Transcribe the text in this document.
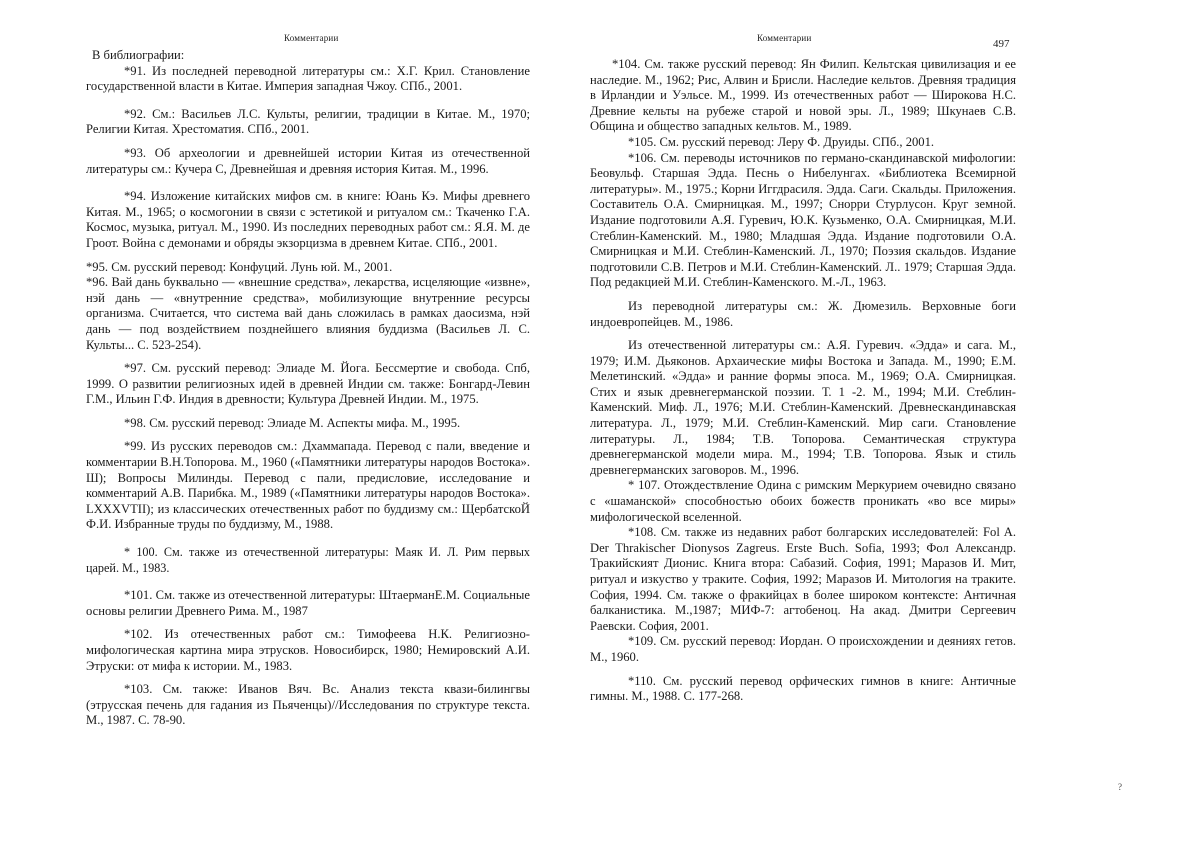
Комментарии

В библиографии:

*91. Из последней переводной литературы см.: Х.Г. Крил. Становление государственной власти в Китае. Империя западная Чжоу. СПб., 2001.

*92. См.: Васильев Л.С. Культы, религии, традиции в Китае. М., 1970; Религии Китая. Хрестоматия. СПб., 2001.

*93. Об археологии и древнейшей истории Китая из отечественной литературы см.: Кучера С, Древнейшая и древняя история Китая. М., 1996.

*94. Изложение китайских мифов см. в книге: Юань Кэ. Мифы древнего Китая. М., 1965; о космогонии в связи с эстетикой и ритуалом см.: Ткаченко Г.А. Космос, музыка, ритуал. М., 1990. Из последних переводных работ см.: Я.Я. М. де Гроот. Война с демонами и обряды экзорцизма в древнем Китае. СПб., 2001.

*95. См. русский перевод: Конфуций. Лунь юй. М., 2001.

*96. Вай дань буквально — «внешние средства», лекарства, исцеляющие «извне», нэй дань — «внутренние средства», мобилизующие внутренние ресурсы организма. Считается, что система вай дань сложилась в рамках даосизма, нэй дань — под воздействием позднейшего влияния буддизма (Васильев Л. С. Культы... С. 523-254).

*97. См. русский перевод: Элиаде М. Йога. Бессмертие и свобода. Спб, 1999. О развитии религиозных идей в древней Индии см. также: Бонгард-Левин Г.М., Ильин Г.Ф. Индия в древности; Культура Древней Индии. М., 1975.

*98. См. русский перевод: Элиаде М. Аспекты мифа. М., 1995.

*99. Из русских переводов см.: Дхаммапада. Перевод с пали, введение и комментарии В.Н.Топорова. М., 1960 («Памятники литературы народов Востока». Ш); Вопросы Милинды. Перевод с пали, предисловие, исследование и комментарий А.В. Парибка. М., 1989 («Памятники литературы народов Востока». LXXXVTII); из классических отечественных работ по буддизму см.: ЩербатскоЙ Ф.И. Избранные труды по буддизму, М., 1988.

* 100. См. также из отечественной литературы: Маяк И. Л. Рим первых царей. М., 1983.

*101. См. также из отечественной литературы: ШтаерманЕ.М. Социальные основы религии Древнего Рима. М., 1987

*102. Из отечественных работ см.: Тимофеева Н.К. Религиозно-мифологическая картина мира этрусков. Новосибирск, 1980; Немировский А.И. Этруски: от мифа к истории. М., 1983.

*103. См. также: Иванов Вяч. Вс. Анализ текста квази-билингвы (этрусская печень для гадания из Пьяченцы)//Исследования по структуре текста. М., 1987. С. 78-90.

Комментарии	497

*104. См. также русский перевод: Ян Филип. Кельтская цивилизация и ее наследие. М., 1962; Рис, Алвин и Брисли. Наследие кельтов. Древняя традиция в Ирландии и Уэльсе. М., 1999. Из отечественных работ — Широкова Н.С. Древние кельты на рубеже старой и новой эры. Л., 1989; Шкунаев С.В. Община и общество западных кельтов. М., 1989.

*105. См. русский перевод: Леру Ф. Друиды. СПб., 2001.

*106. См. переводы источников по германо-скандинавской мифологии: Беовульф. Старшая Эдда. Песнь о Нибелунгах. «Библиотека Всемирной литературы». М., 1975.; Корни Иггдрасиля. Эдда. Саги. Скальды. Приложения. Составитель О.А. Смирницкая. М., 1997; Снорри Стурлусон. Круг земной. Издание подготовили А.Я. Гуревич, Ю.К. Кузьменко, О.А. Смирницкая, М.И. Стеблин-Каменский. М., 1980; Младшая Эдда. Издание подготовили О.А. Смирницкая и М.И. Стеблин-Каменский. Л., 1970; Поэзия скальдов. Издание подготовили С.В. Петров и М.И. Стеблин-Каменский. Л.. 1979; Старшая Эдда. Под редакцией М.И. Стеблин-Каменского. М.-Л., 1963.

Из переводной литературы см.: Ж. Дюмезиль. Верховные боги индоевропейцев. М., 1986.

Из отечественной литературы см.: А.Я. Гуревич. «Эдда» и сага. М., 1979; И.М. Дьяконов. Архаические мифы Востока и Запада. М., 1990; Е.М. Мелетинский. «Эдда» и ранние формы эпоса. М., 1969; О.А. Смирницкая. Стих и язык древнегерманской поэзии. Т. 1 -2. М., 1994; М.И. Стеблин-Каменский. Миф. Л., 1976; М.И. Стеблин-Каменский. Древнескандинавская литература. Л., 1979; М.И. Стеблин-Каменский. Мир саги. Становление литературы. Л., 1984; Т.В. Топорова. Семантическая структура древнегерманской модели мира. М., 1994; Т.В. Топорова. Язык и стиль древнегерманских заговоров. М., 1996.

* 107. Отождествление Одина с римским Меркурием очевидно связано с «шаманской» способностью обоих божеств проникать «во все миры» мифологической вселенной.

*108. См. также из недавних работ болгарских исследователей: Fol A. Der Thrakischer Dionysos Zagreus. Erste Buch. Sofia, 1993; Фол Александр. Тракийският Дионис. Книга втора: Сабазий. София, 1991; Маразов И. Мит, ритуал и изкуство у траките. София, 1992; Маразов И. Митология на траките. София, 1994. См. также о фракийцах в более широком контексте: Античная балканистика. М.,1987; МИФ-7: агтобеноц. На акад. Дмитри Сергеевич Раевски. София, 2001.

*109. См. русский перевод: Иордан. О происхождении и деяниях гетов. М., 1960.

*110. См. русский перевод орфических гимнов в книге: Античные гимны. М., 1988. С. 177-268.

?
